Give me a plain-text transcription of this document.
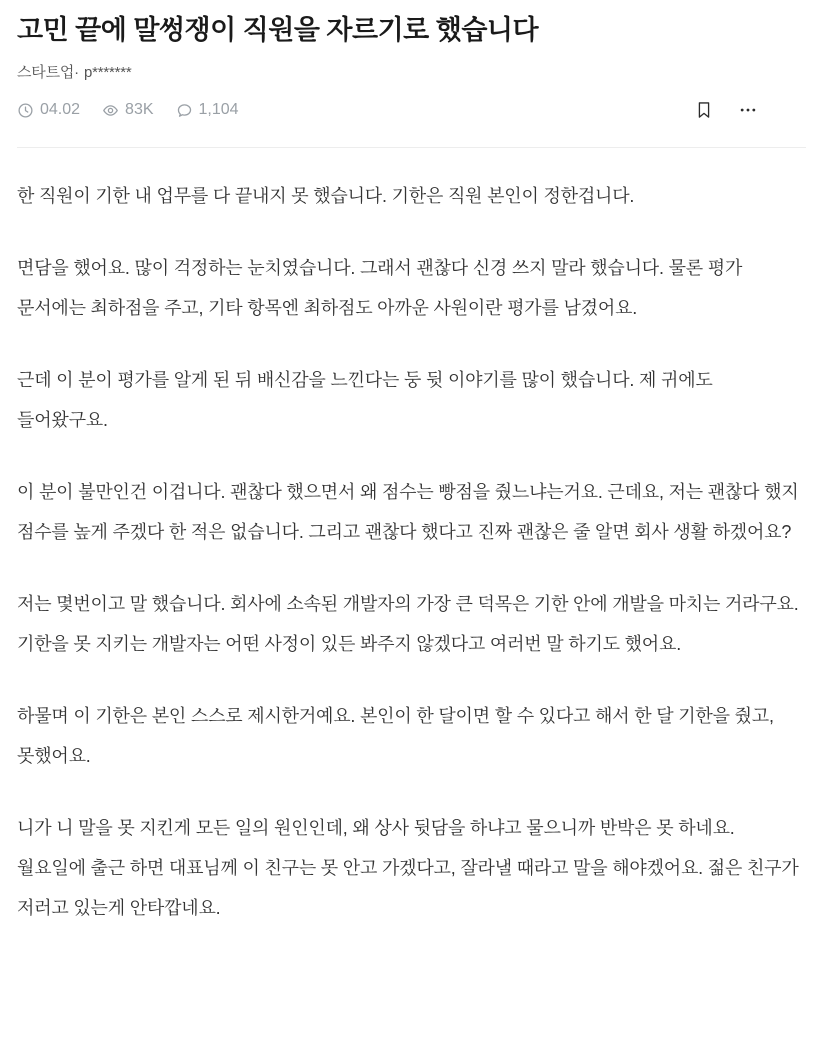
고민 끝에 말썽쟁이 직원을 자르기로 했습니다
스타트업· p*******
04.02	83K	1,104

한 직원이 기한 내 업무를 다 끝내지 못 했습니다. 기한은 직원 본인이 정한겁니다.

면담을 했어요. 많이 걱정하는 눈치였습니다. 그래서 괜찮다 신경 쓰지 말라 했습니다. 물론 평가 문서에는 최하점을 주고, 기타 항목엔 최하점도 아까운 사원이란 평가를 남겼어요.

근데 이 분이 평가를 알게 된 뒤 배신감을 느낀다는 둥 뒷 이야기를 많이 했습니다. 제 귀에도 들어왔구요.

이 분이 불만인건 이겁니다. 괜찮다 했으면서 왜 점수는 빵점을 줬느냐는거요. 근데요, 저는 괜찮다 했지 점수를 높게 주겠다 한 적은 없습니다. 그리고 괜찮다 했다고 진짜 괜찮은 줄 알면 회사 생활 하겠어요?

저는 몇번이고 말 했습니다. 회사에 소속된 개발자의 가장 큰 덕목은 기한 안에 개발을 마치는 거라구요. 기한을 못 지키는 개발자는 어떤 사정이 있든 봐주지 않겠다고 여러번 말 하기도 했어요.

하물며 이 기한은 본인 스스로 제시한거예요. 본인이 한 달이면 할 수 있다고 해서 한 달 기한을 줬고, 못했어요.

니가 니 말을 못 지킨게 모든 일의 원인인데, 왜 상사 뒷담을 하냐고 물으니까 반박은 못 하네요. 월요일에 출근 하면 대표님께 이 친구는 못 안고 가겠다고, 잘라낼 때라고 말을 해야겠어요. 젊은 친구가 저러고 있는게 안타깝네요.
